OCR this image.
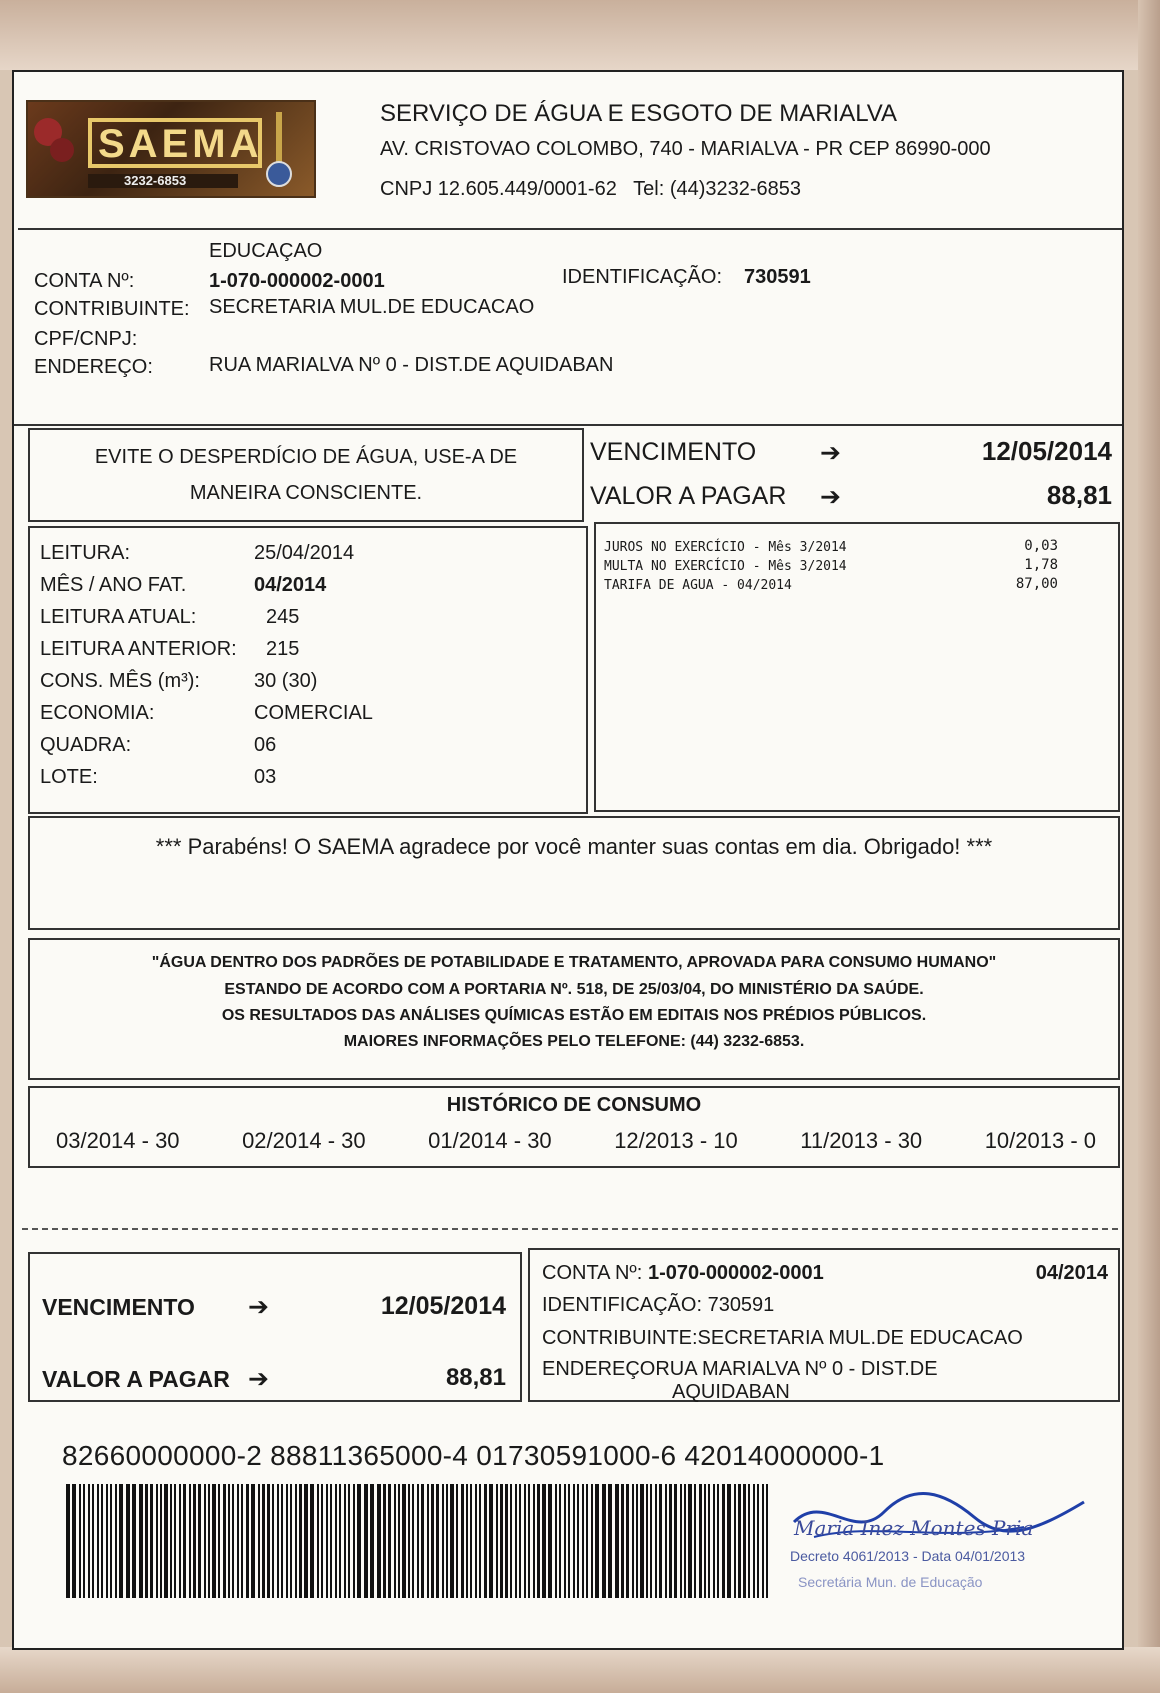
SAEMA
3232-6853
SERVIÇO DE ÁGUA E ESGOTO DE MARIALVA
AV. CRISTOVAO COLOMBO, 740 - MARIALVA - PR CEP 86990-000
CNPJ 12.605.449/0001-62   Tel: (44)3232-6853
EDUCAÇAO
CONTA Nº:	1-070-000002-0001	IDENTIFICAÇÃO: 730591
CONTRIBUINTE: SECRETARIA MUL.DE EDUCACAO
CPF/CNPJ:
ENDEREÇO:	RUA MARIALVA Nº 0 - DIST.DE AQUIDABAN
EVITE O DESPERDÍCIO DE ÁGUA, USE-A DE
MANEIRA CONSCIENTE.
VENCIMENTO	➔	12/05/2014
VALOR A PAGAR ➔	88,81
LEITURA:	25/04/2014
MÊS / ANO FAT.	04/2014
LEITURA ATUAL:	245
LEITURA ANTERIOR: 215
CONS. MÊS (m³):	30 (30)
ECONOMIA:	COMERCIAL
QUADRA:	06
LOTE:	03
JUROS NO EXERCÍCIO - Mês 3/2014	0,03
MULTA NO EXERCÍCIO - Mês 3/2014	1,78
TARIFA DE AGUA - 04/2014	87,00
*** Parabéns! O SAEMA agradece por você manter suas contas em dia. Obrigado! ***
"ÁGUA DENTRO DOS PADRÕES DE POTABILIDADE E TRATAMENTO, APROVADA PARA CONSUMO HUMANO"
ESTANDO DE ACORDO COM A PORTARIA Nº. 518, DE 25/03/04, DO MINISTÉRIO DA SAÚDE.
OS RESULTADOS DAS ANÁLISES QUÍMICAS ESTÃO EM EDITAIS NOS PRÉDIOS PÚBLICOS.
MAIORES INFORMAÇÕES PELO TELEFONE: (44) 3232-6853.
HISTÓRICO DE CONSUMO
03/2014 - 30	02/2014 - 30	01/2014 - 30	12/2013 - 10	11/2013 - 30	10/2013 - 0
VENCIMENTO ➔	12/05/2014
VALOR A PAGAR ➔	88,81
CONTA Nº: 1-070-000002-0001	04/2014
IDENTIFICAÇÃO: 730591
CONTRIBUINTE:SECRETARIA MUL.DE EDUCACAO
ENDEREÇORUA MARIALVA Nº 0 - DIST.DE
AQUIDABAN
82660000000-2 88811365000-4 01730591000-6 42014000000-1
Maria Inez Montes Pria
Decreto 4061/2013 - Data 04/01/2013
Secretária Mun. de Educação
